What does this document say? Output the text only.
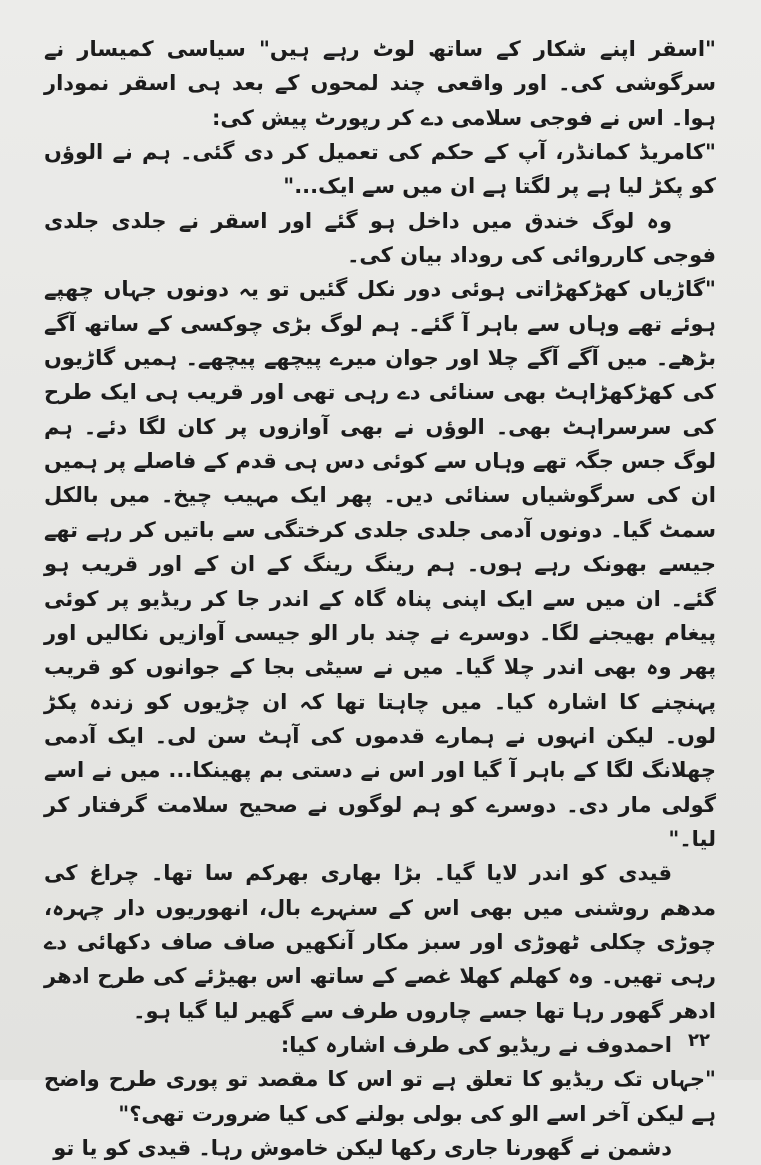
"اسقر اپنے شکار کے ساتھ لوٹ رہے ہیں" سیاسی کمیسار نے سرگوشی کی۔ اور واقعی چند لمحوں کے بعد ہی اسقر نمودار ہوا۔ اس نے فوجی سلامی دے کر رپورٹ پیش کی:

"کامریڈ کمانڈر، آپ کے حکم کی تعمیل کر دی گئی۔ ہم نے الوؤں کو پکڑ لیا ہے پر لگتا ہے ان میں سے ایک..."

وہ لوگ خندق میں داخل ہو گئے اور اسقر نے جلدی جلدی فوجی کارروائی کی روداد بیان کی۔

"گاڑیاں کھڑکھڑاتی ہوئی دور نکل گئیں تو یہ دونوں جہاں چھپے ہوئے تھے وہاں سے باہر آ گئے۔ ہم لوگ بڑی چوکسی کے ساتھ آگے بڑھے۔ میں آگے آگے چلا اور جوان میرے پیچھے پیچھے۔ ہمیں گاڑیوں کی کھڑکھڑاہٹ بھی سنائی دے رہی تھی اور قریب ہی ایک طرح کی سرسراہٹ بھی۔ الوؤں نے بھی آوازوں پر کان لگا دئے۔ ہم لوگ جس جگہ تھے وہاں سے کوئی دس ہی قدم کے فاصلے پر ہمیں ان کی سرگوشیاں سنائی دیں۔ پھر ایک مہیب چیخ۔ میں بالکل سمٹ گیا۔ دونوں آدمی جلدی جلدی کرختگی سے باتیں کر رہے تھے جیسے بھونک رہے ہوں۔ ہم رینگ رینگ کے ان کے اور قریب ہو گئے۔ ان میں سے ایک اپنی پناہ گاہ کے اندر جا کر ریڈیو پر کوئی پیغام بھیجنے لگا۔ دوسرے نے چند بار الو جیسی آوازیں نکالیں اور پھر وہ بھی اندر چلا گیا۔ میں نے سیٹی بجا کے جوانوں کو قریب پہنچنے کا اشارہ کیا۔ میں چاہتا تھا کہ ان چڑیوں کو زندہ پکڑ لوں۔ لیکن انہوں نے ہمارے قدموں کی آہٹ سن لی۔ ایک آدمی چھلانگ لگا کے باہر آ گیا اور اس نے دستی بم پھینکا... میں نے اسے گولی مار دی۔ دوسرے کو ہم لوگوں نے صحیح سلامت گرفتار کر لیا۔"

قیدی کو اندر لایا گیا۔ بڑا بھاری بھرکم سا تھا۔ چراغ کی مدھم روشنی میں بھی اس کے سنہرے بال، انھوریوں دار چہرہ، چوڑی چکلی ٹھوڑی اور سبز مکار آنکھیں صاف صاف دکھائی دے رہی تھیں۔ وہ کھلم کھلا غصے کے ساتھ اس بھیڑئے کی طرح ادھر ادھر گھور رہا تھا جسے چاروں طرف سے گھیر لیا گیا ہو۔

احمدوف نے ریڈیو کی طرف اشارہ کیا:

"جہاں تک ریڈیو کا تعلق ہے تو اس کا مقصد تو پوری طرح واضح ہے لیکن آخر اسے الو کی بولی بولنے کی کیا ضرورت تھی؟"

دشمن نے گھورنا جاری رکھا لیکن خاموش رہا۔ قیدی کو یا تو

۲۲
